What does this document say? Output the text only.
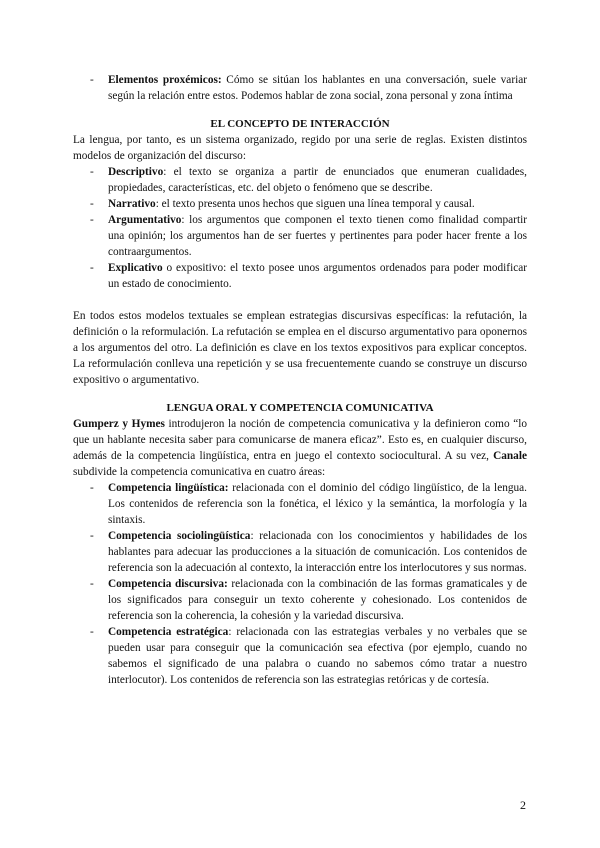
-	Elementos proxémicos: Cómo se sitúan los hablantes en una conversación, suele variar según la relación entre estos. Podemos hablar de zona social, zona personal y zona íntima
EL CONCEPTO DE INTERACCIÓN

La lengua, por tanto, es un sistema organizado, regido por una serie de reglas. Existen distintos modelos de organización del discurso:

-	Descriptivo: el texto se organiza a partir de enunciados que enumeran cualidades, propiedades, características, etc. del objeto o fenómeno que se describe.
-	Narrativo: el texto presenta unos hechos que siguen una línea temporal y causal.
-	Argumentativo: los argumentos que componen el texto tienen como finalidad compartir una opinión; los argumentos han de ser fuertes y pertinentes para poder hacer frente a los contraargumentos.
-	Explicativo o expositivo: el texto posee unos argumentos ordenados para poder modificar un estado de conocimiento.

En todos estos modelos textuales se emplean estrategias discursivas específicas: la refutación, la definición o la reformulación. La refutación se emplea en el discurso argumentativo para oponernos a los argumentos del otro. La definición es clave en los textos expositivos para explicar conceptos. La reformulación conlleva una repetición y se usa frecuentemente cuando se construye un discurso expositivo o argumentativo.

LENGUA ORAL Y COMPETENCIA COMUNICATIVA

Gumperz y Hymes introdujeron la noción de competencia comunicativa y la definieron como “lo que un hablante necesita saber para comunicarse de manera eficaz”. Esto es, en cualquier discurso, además de la competencia lingüística, entra en juego el contexto sociocultural. A su vez, Canale subdivide la competencia comunicativa en cuatro áreas:

-	Competencia lingüística: relacionada con el dominio del código lingüístico, de la lengua. Los contenidos de referencia son la fonética, el léxico y la semántica, la morfología y la sintaxis.
-	Competencia sociolingüística: relacionada con los conocimientos y habilidades de los hablantes para adecuar las producciones a la situación de comunicación. Los contenidos de referencia son la adecuación al contexto, la interacción entre los interlocutores y sus normas.
-	Competencia discursiva: relacionada con la combinación de las formas gramaticales y de los significados para conseguir un texto coherente y cohesionado. Los contenidos de referencia son la coherencia, la cohesión y la variedad discursiva.
-	Competencia estratégica: relacionada con las estrategias verbales y no verbales que se pueden usar para conseguir que la comunicación sea efectiva (por ejemplo, cuando no sabemos el significado de una palabra o cuando no sabemos cómo tratar a nuestro interlocutor). Los contenidos de referencia son las estrategias retóricas y de cortesía.
2
